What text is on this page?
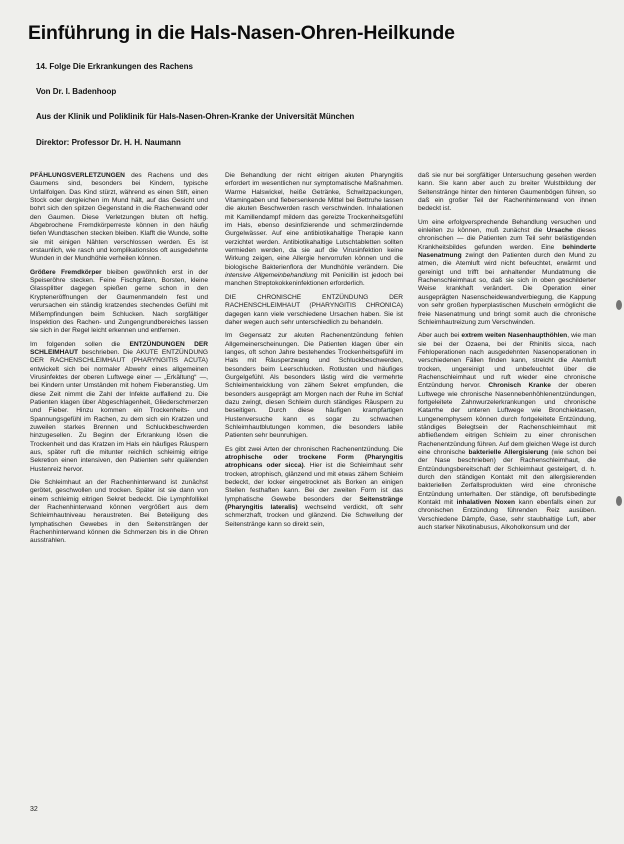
Einführung in die Hals-Nasen-Ohren-Heilkunde
14. Folge Die Erkrankungen des Rachens
Von Dr. I. Badenhoop
Aus der Klinik und Poliklinik für Hals-Nasen-Ohren-Kranke der Universität München
Direktor: Professor Dr. H. H. Naumann

PFÄHLUNGSVERLETZUNGEN des Rachens und des Gaumens sind, besonders bei Kindern, typische Unfallfolgen. Das Kind stürzt, während es einen Stift, einen Stock oder dergleichen im Mund hält, auf das Gesicht und bohrt sich den spitzen Gegenstand in die Rachenwand oder den Gaumen. Diese Verletzungen bluten oft heftig. Abgebrochene Fremdkörperreste können in den häufig tiefen Wundtaschen stecken bleiben. Klafft die Wunde, sollte sie mit einigen Nähten verschlossen werden. Es ist erstaunlich, wie rasch und komplikationslos oft ausgedehnte Wunden in der Mundhöhle verheilen können.

Größere Fremdkörper bleiben gewöhnlich erst in der Speiseröhre stecken. Feine Fischgräten, Borsten, kleine Glassplitter dagegen spießen gerne schon in den Krypteneröffnungen der Gaumenmandeln fest und verursachen ein ständig kratzendes stechendes Gefühl mit Mißempfindungen beim Schlucken. Nach sorgfältiger Inspektion des Rachen- und Zungengrundbereiches lassen sie sich in der Regel leicht erkennen und entfernen.

Im folgenden sollen die ENTZÜNDUNGEN DER SCHLEIMHAUT beschrieben. Die AKUTE ENTZÜNDUNG DER RACHENSCHLEIMHAUT (PHARYNGITIS ACUTA) entwickelt sich bei normaler Abwehr eines allgemeinen Virusinfektes der oberen Luftwege einer — „Erkältung“ —, bei Kindern unter Umständen mit hohem Fieberanstieg. Um diese Zeit nimmt die Zahl der Infekte auffallend zu. Die Patienten klagen über Abgeschlagenheit, Gliederschmerzen und Fieber. Hinzu kommen ein Trockenheits- und Spannungsgefühl im Rachen, zu dem sich ein Kratzen und zuweilen starkes Brennen und Schluckbeschwerden hinzugesellen. Zu Beginn der Erkrankung lösen die Trockenheit und das Kratzen im Hals ein häufiges Räuspern aus, später ruft die mitunter reichlich schleimig eitrige Sekretion einen intensiven, den Patienten sehr quälenden Hustenreiz hervor.

Die Schleimhaut an der Rachenhinterwand ist zunächst gerötet, geschwollen und trocken. Später ist sie dann von einem schleimig eitrigen Sekret bedeckt. Die Lymphfollikel der Rachenhinterwand können vergrößert aus dem Schleimhautniveau heraustreten. Bei Beteiligung des lymphatischen Gewebes in den Seitensträngen der Rachenhinterwand können die Schmerzen bis in die Ohren ausstrahlen.

Die Behandlung der nicht eitrigen akuten Pharyngitis erfordert im wesentlichen nur symptomatische Maßnahmen. Warme Halswickel, heiße Getränke, Schwitzpackungen, Vitamingaben und fiebersenkende Mittel bei Bettruhe lassen die akuten Beschwerden rasch verschwinden. Inhalationen mit Kamillendampf mildern das gereizte Trockenheitsgefühl im Hals, ebenso desinfizierende und schmerzlindernde Gurgelwässer. Auf eine antibiotikahaltige Therapie kann verzichtet werden. Antibiotikahaltige Lutschtabletten sollten vermieden werden, da sie auf die Virusinfektion keine Wirkung zeigen, eine Allergie hervorrufen können und die biologische Bakterienflora der Mundhöhle verändern. Die intensive Allgemeinbehandlung mit Penicillin ist jedoch bei manchen Streptokokkeninfektionen erforderlich.

DIE CHRONISCHE ENTZÜNDUNG DER RACHENSCHLEIMHAUT (PHARYNGITIS CHRONICA) dagegen kann viele verschiedene Ursachen haben. Sie ist daher wegen auch sehr unterschiedlich zu behandeln.

Im Gegensatz zur akuten Rachenentzündung fehlen Allgemeinerscheinungen. Die Patienten klagen über ein langes, oft schon Jahre bestehendes Trockenheitsgefühl im Hals mit Räusperzwang und Schluckbeschwerden, besonders beim Leerschlucken. Rotlusten und häufiges Gurgelgefühl. Als besonders lästig wird die vermehrte Schleimentwicklung von zähem Sekret empfunden, die besonders ausgeprägt am Morgen nach der Ruhe im Schlaf dazu zwingt, diesen Schleim durch ständiges Räuspern zu beseitigen. Durch diese häufigen krampfartigen Hustenversuche kann es sogar zu schwachen Schleimhautblutungen kommen, die besonders labile Patienten sehr beunruhigen.

Es gibt zwei Arten der chronischen Rachenentzündung. Die atrophische oder trockene Form (Pharyngitis atrophicans oder sicca). Hier ist die Schleimhaut sehr trocken, atrophisch, glänzend und mit etwas zähem Schleim bedeckt, der locker eingetrocknet als Borken an einigen Stellen festhaften kann. Bei der zweiten Form ist das lymphatische Gewebe besonders der Seitenstränge (Pharyngitis lateralis) wechselnd verdickt, oft sehr schmerzhaft, trocken und glänzend. Die Schwellung der Seitenstränge kann so direkt sein,

daß sie nur bei sorgfältiger Untersuchung gesehen werden kann. Sie kann aber auch zu breiter Wulstbildung der Seitenstränge hinter den hinteren Gaumenbögen führen, so daß ein großer Teil der Rachenhinterwand von ihnen bedeckt ist.

Um eine erfolgversprechende Behandlung versuchen und einleiten zu können, muß zunächst die Ursache dieses chronischen — die Patienten zum Teil sehr belästigenden Krankheitsbildes gefunden werden. Eine behinderte Nasenatmung zwingt den Patienten durch den Mund zu atmen, die Atemluft wird nicht befeuchtet, erwärmt und gereinigt und trifft bei anhaltender Mundatmung die Rachenschleimhaut so, daß sie sich in oben geschilderter Weise krankhaft verändert. Die Operation einer ausgeprägten Nasenscheidewandverbiegung, die Kappung von sehr großen hyperplastischen Muscheln ermöglicht die freie Nasenatmung und bringt somit auch die chronische Schleimhautreizung zum Verschwinden.

Aber auch bei extrem weiten Nasenhaupthöhlen, wie man sie bei der Ozaena, bei der Rhinitis sicca, nach Fehloperationen nach ausgedehnten Nasenoperationen in verschiedenen Fällen finden kann, streicht die Atemluft trocken, ungereinigt und unbefeuchtet über die Rachenschleimhaut und ruft wieder eine chronische Entzündung hervor. Chronisch Kranke der oberen Luftwege wie chronische Nasennebenhöhlenentzündungen, fortgeleitete Zahnwurzelerkrankungen und chronische Katarrhe der unteren Luftwege wie Bronchiektasen, Lungenemphysem können durch fortgeleitete Entzündung, ständiges Belegtsein der Rachenschleimhaut mit abfließendem eitrigen Schleim zu einer chronischen Rachenentzündung führen. Auf dem gleichen Wege ist durch eine chronische bakterielle Allergisierung (wie schon bei der Nase beschrieben) der Rachenschleimhaut, die Entzündungsbereitschaft der Schleimhaut gesteigert, d. h. durch den ständigen Kontakt mit den allergisierenden bakteriellen Zerfallsprodukten wird eine chronische Entzündung unterhalten. Der ständige, oft berufsbedingte Kontakt mit inhalativen Noxen kann ebenfalls einen zur chronischen Entzündung führenden Reiz ausüben. Verschiedene Dämpfe, Gase, sehr staubhaltige Luft, aber auch starker Nikotinabusus, Alkoholkonsum und der

32
